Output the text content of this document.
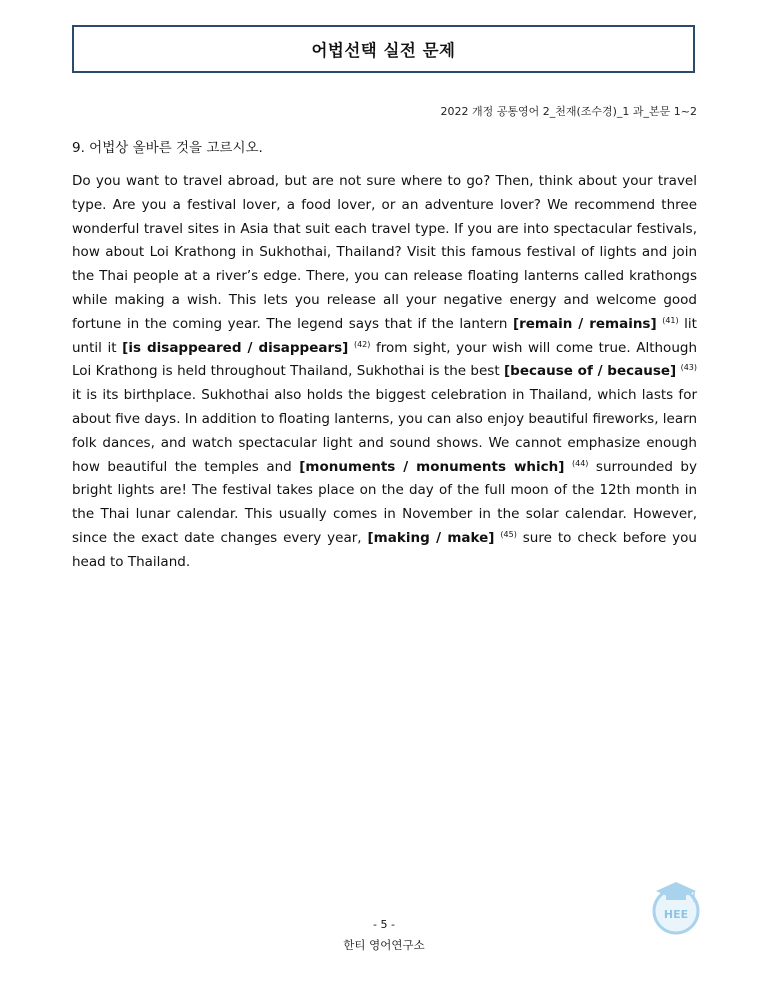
어법선택 실전 문제
2022 개정 공통영어 2_천재(조수경)_1 과_본문 1~2
9. 어법상 올바른 것을 고르시오.
Do you want to travel abroad, but are not sure where to go? Then, think about your travel type. Are you a festival lover, a food lover, or an adventure lover? We recommend three wonderful travel sites in Asia that suit each travel type. If you are into spectacular festivals, how about Loi Krathong in Sukhothai, Thailand? Visit this famous festival of lights and join the Thai people at a river’s edge. There, you can release floating lanterns called krathongs while making a wish. This lets you release all your negative energy and welcome good fortune in the coming year. The legend says that if the lantern [remain / remains] $^{(41)}$ lit until it [is disappeared / disappears] $^{(42)}$ from sight, your wish will come true. Although Loi Krathong is held throughout Thailand, Sukhothai is the best [because of / because] $^{(43)}$ it is its birthplace. Sukhothai also holds the biggest celebration in Thailand, which lasts for about five days. In addition to floating lanterns, you can also enjoy beautiful fireworks, learn folk dances, and watch spectacular light and sound shows. We cannot emphasize enough how beautiful the temples and [monuments / monuments which] $^{(44)}$ surrounded by bright lights are! The festival takes place on the day of the full moon of the 12th month in the Thai lunar calendar. This usually comes in November in the solar calendar. However, since the exact date changes every year, [making / make] $^{(45)}$ sure to check before you head to Thailand.
- 5 -
한티 영어연구소
HEE
